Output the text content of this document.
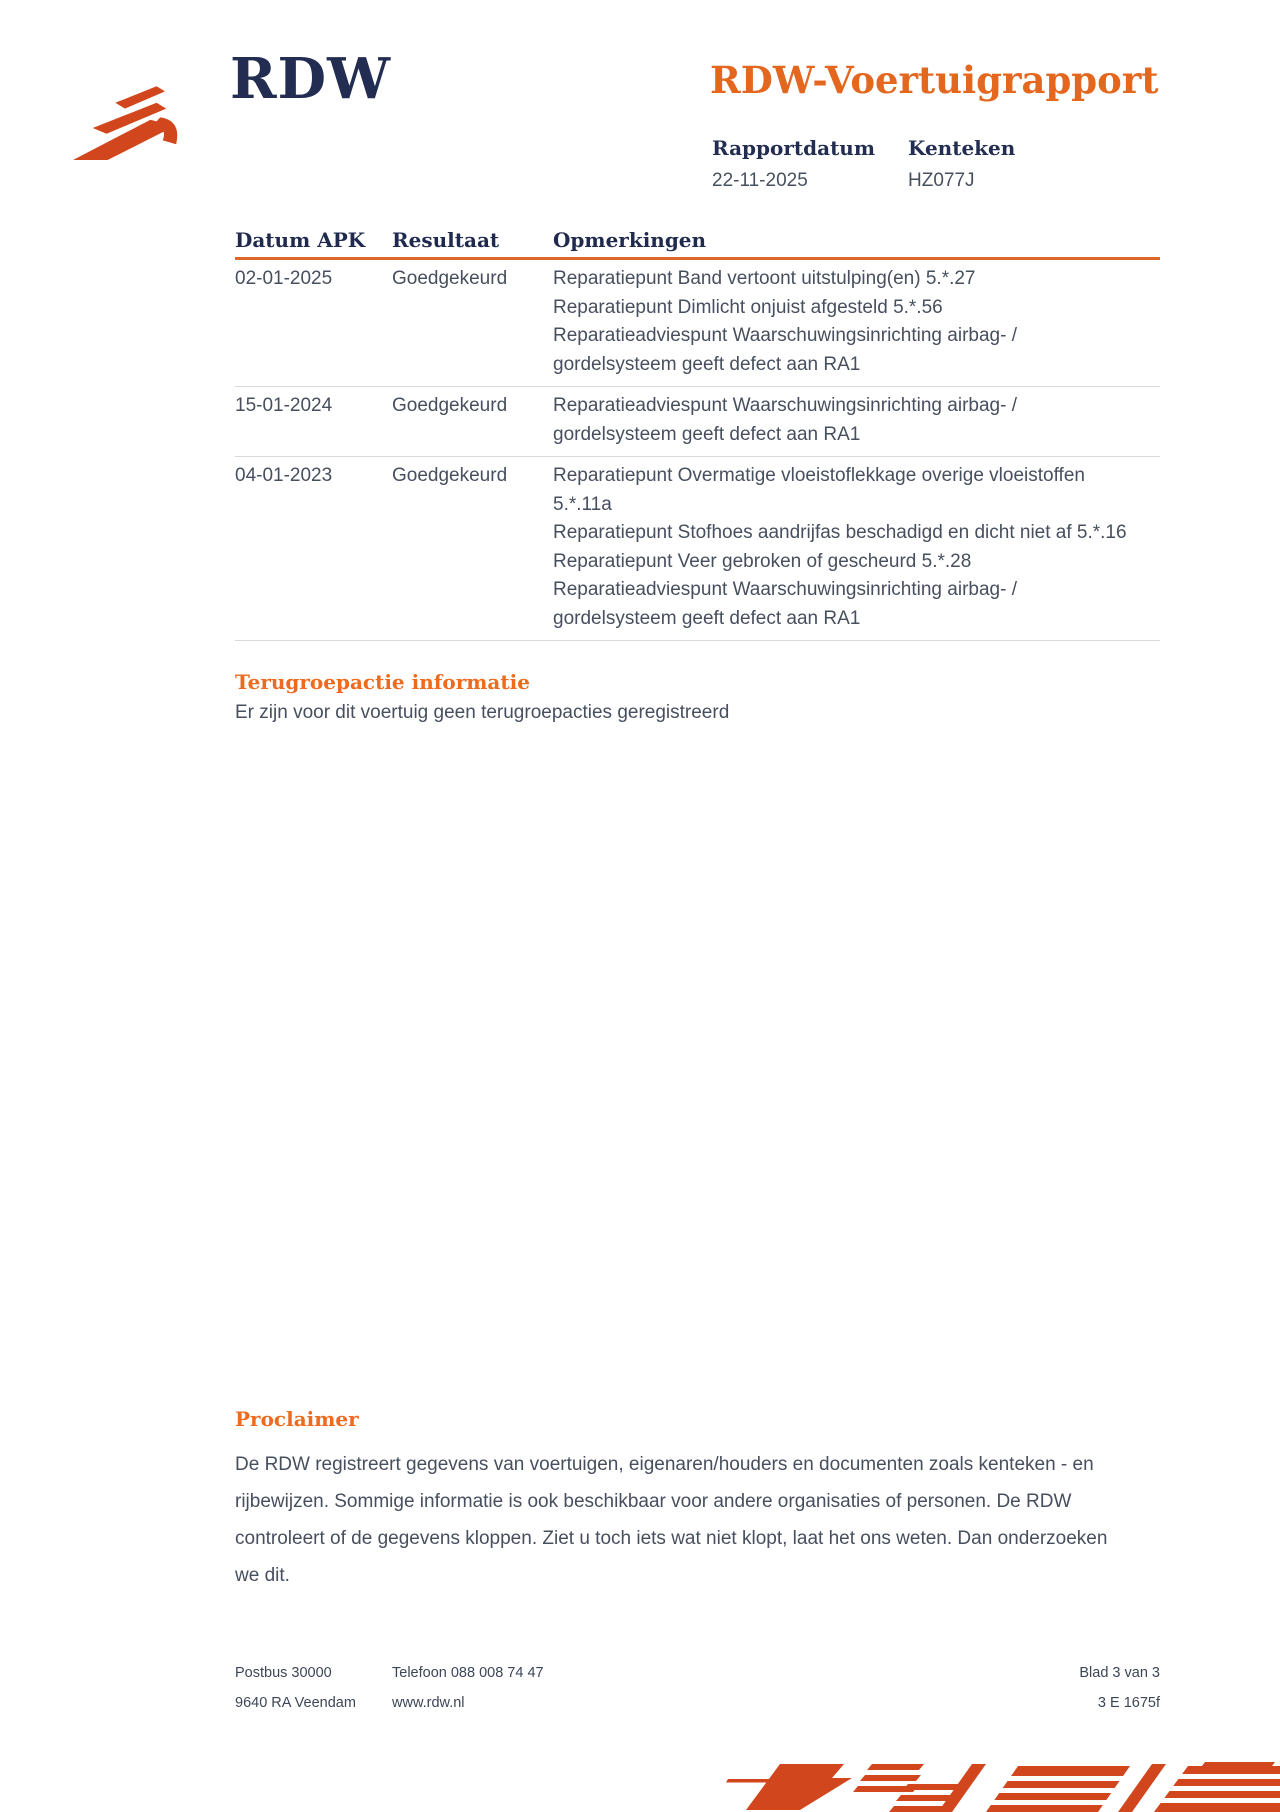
RDW	RDW-Voertuigrapport
Rapportdatum
22-11-2025
Kenteken
HZ077J
Datum APK	Resultaat	Opmerkingen
02-01-2025	Goedgekeurd	Reparatiepunt Band vertoont uitstulping(en) 5.*.27
Reparatiepunt Dimlicht onjuist afgesteld 5.*.56
Reparatieadviespunt Waarschuwingsinrichting airbag- /
gordelsysteem geeft defect aan RA1
15-01-2024	Goedgekeurd	Reparatieadviespunt Waarschuwingsinrichting airbag- /
gordelsysteem geeft defect aan RA1
04-01-2023	Goedgekeurd	Reparatiepunt Overmatige vloeistoflekkage overige vloeistoffen
5.*.11a
Reparatiepunt Stofhoes aandrijfas beschadigd en dicht niet af 5.*.16
Reparatiepunt Veer gebroken of gescheurd 5.*.28
Reparatieadviespunt Waarschuwingsinrichting airbag- /
gordelsysteem geeft defect aan RA1
Terugroepactie informatie

Er zijn voor dit voertuig geen terugroepacties geregistreerd

Proclaimer
De RDW registreert gegevens van voertuigen, eigenaren/houders en documenten zoals kenteken - en
rijbewijzen. Sommige informatie is ook beschikbaar voor andere organisaties of personen. De RDW
controleert of de gegevens kloppen. Ziet u toch iets wat niet klopt, laat het ons weten. Dan onderzoeken
we dit.
Postbus 30000
9640 RA Veendam
Telefoon 088 008 74 47
www.rdw.nl
Blad 3 van 3
3 E 1675f
